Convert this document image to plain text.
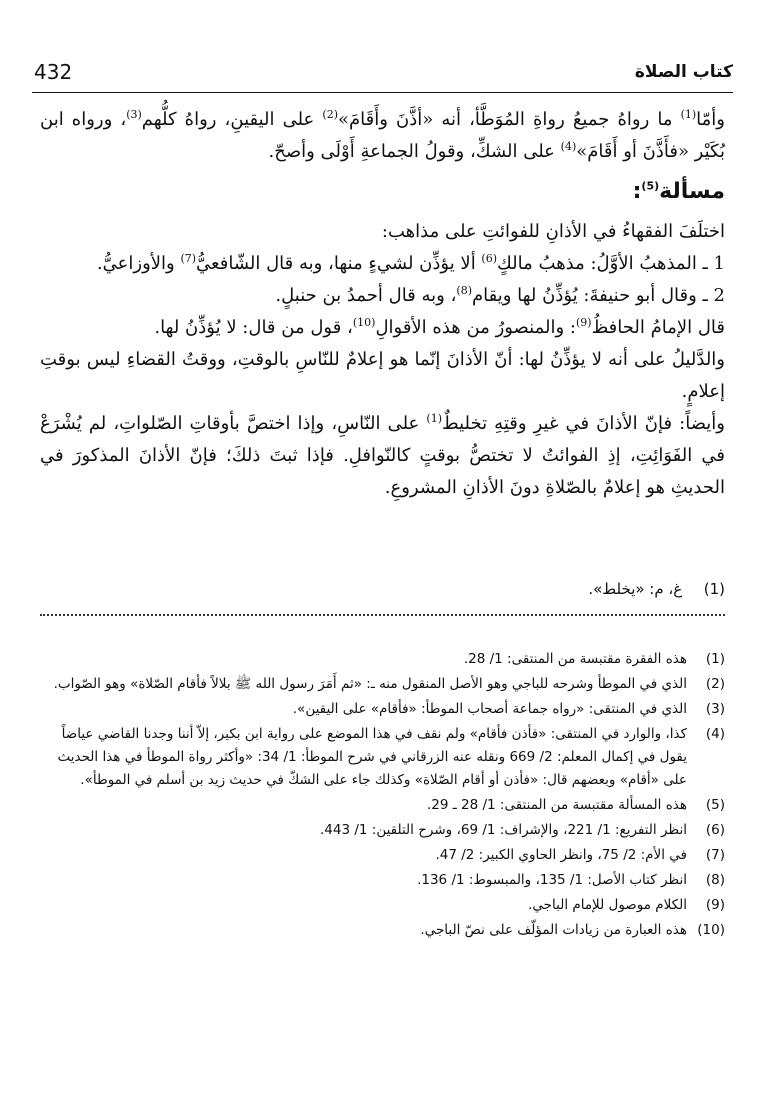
432	كتاب الصلاة

وأمّا$^{(1)}$ ما رواهُ جميعُ رواةِ المُوَطَّأ، أنه «أذَّنَ وأَقَامَ»$^{(2)}$ على اليقينِ، رواهُ كلُّهم$^{(3)}$، ورواه ابن بُكَيْر «فأَذَّنَ أو أَقَامَ»$^{(4)}$ على الشكِّ، وقولُ الجماعةِ أَوْلَى وأصحّ.

مسألة$^{(5)}$:

اختلَفَ الفقهاءُ في الأذانِ للفوائتِ على مذاهب:

1 ـ المذهبُ الأوَّلُ: مذهبُ مالكٍ$^{(6)}$ ألا يؤذِّن لشيءٍ منها، وبه قال الشّافعيُّ$^{(7)}$ والأوزاعيُّ.

2 ـ وقال أبو حنيفةَ: يُؤذِّنُ لها ويقام$^{(8)}$، وبه قال أحمدُ بن حنبلٍ.

قال الإمامُ الحافظُ$^{(9)}$: والمنصورُ من هذه الأقوالِ$^{(10)}$، قول من قال: لا يُؤذِّنُ لها.

والدَّليلُ على أنه لا يؤذِّنُ لها: أنّ الأذانَ إنّما هو إعلامٌ للنّاسِ بالوقتِ، ووقتُ القضاءِ ليس بوقتِ إعلامٍ.

وأيضاً: فإنّ الأذانَ في غيرِ وقتِهِ تخليطٌ$^{(1)}$ على النّاسِ، وإذا اختصَّ بأوقاتِ الصّلواتِ، لم يُشْرَعْ في الفَوَائِتِ، إذِ الفوائتُ لا تختصُّ بوقتٍ كالنّوافلِ. فإذا ثبتَ ذلكَ؛ فإنّ الأذانَ المذكورَ في الحديثِ هو إعلامٌ بالصّلاةِ دونَ الأذانِ المشروعِ.

(1) غ، م: «يخلط».
(1)
هذه الفقرة مقتبسة من المنتقى: 1/ 28.
(2)
الذي في الموطأ وشرحه للباجي وهو الأصل المنقول منه ـ: «ثم أَمَرَ رسول الله ﷺ بلالاً فأقام الصّلاة» وهو الصّواب.
(3)
الذي في المنتقى: «رواه جماعة أصحاب الموطأ: «فأقام» على اليقين».
(4)
كذا، والوارد في المنتقى: «فأذن فأقام» ولم نقف في هذا الموضع على رواية ابن بكير، إلاّ أننا وجدنا القاضي عياضاً يقول في إكمال المعلم: 2/ 669 ونقله عنه الزرقاني في شرح الموطأ: 1/ 34: «وأكثر رواة الموطأ في هذا الحديث على «أقام» وبعضهم قال: «فأذن أو أقام الصّلاة» وكذلك جاء على الشكّ في حديث زيد بن أسلم في الموطأ».
(5)
هذه المسألة مقتبسة من المنتقى: 1/ 28 ـ 29.
(6)
انظر التفريع: 1/ 221، والإشراف: 1/ 69، وشرح التلقين: 1/ 443.
(7)
في الأم: 2/ 75، وانظر الحاوي الكبير: 2/ 47.
(8)
انظر كتاب الأصل: 1/ 135، والمبسوط: 1/ 136.
(9)
الكلام موصول للإمام الباجي.
(10)
هذه العبارة من زيادات المؤلّف على نصّ الباجي.
